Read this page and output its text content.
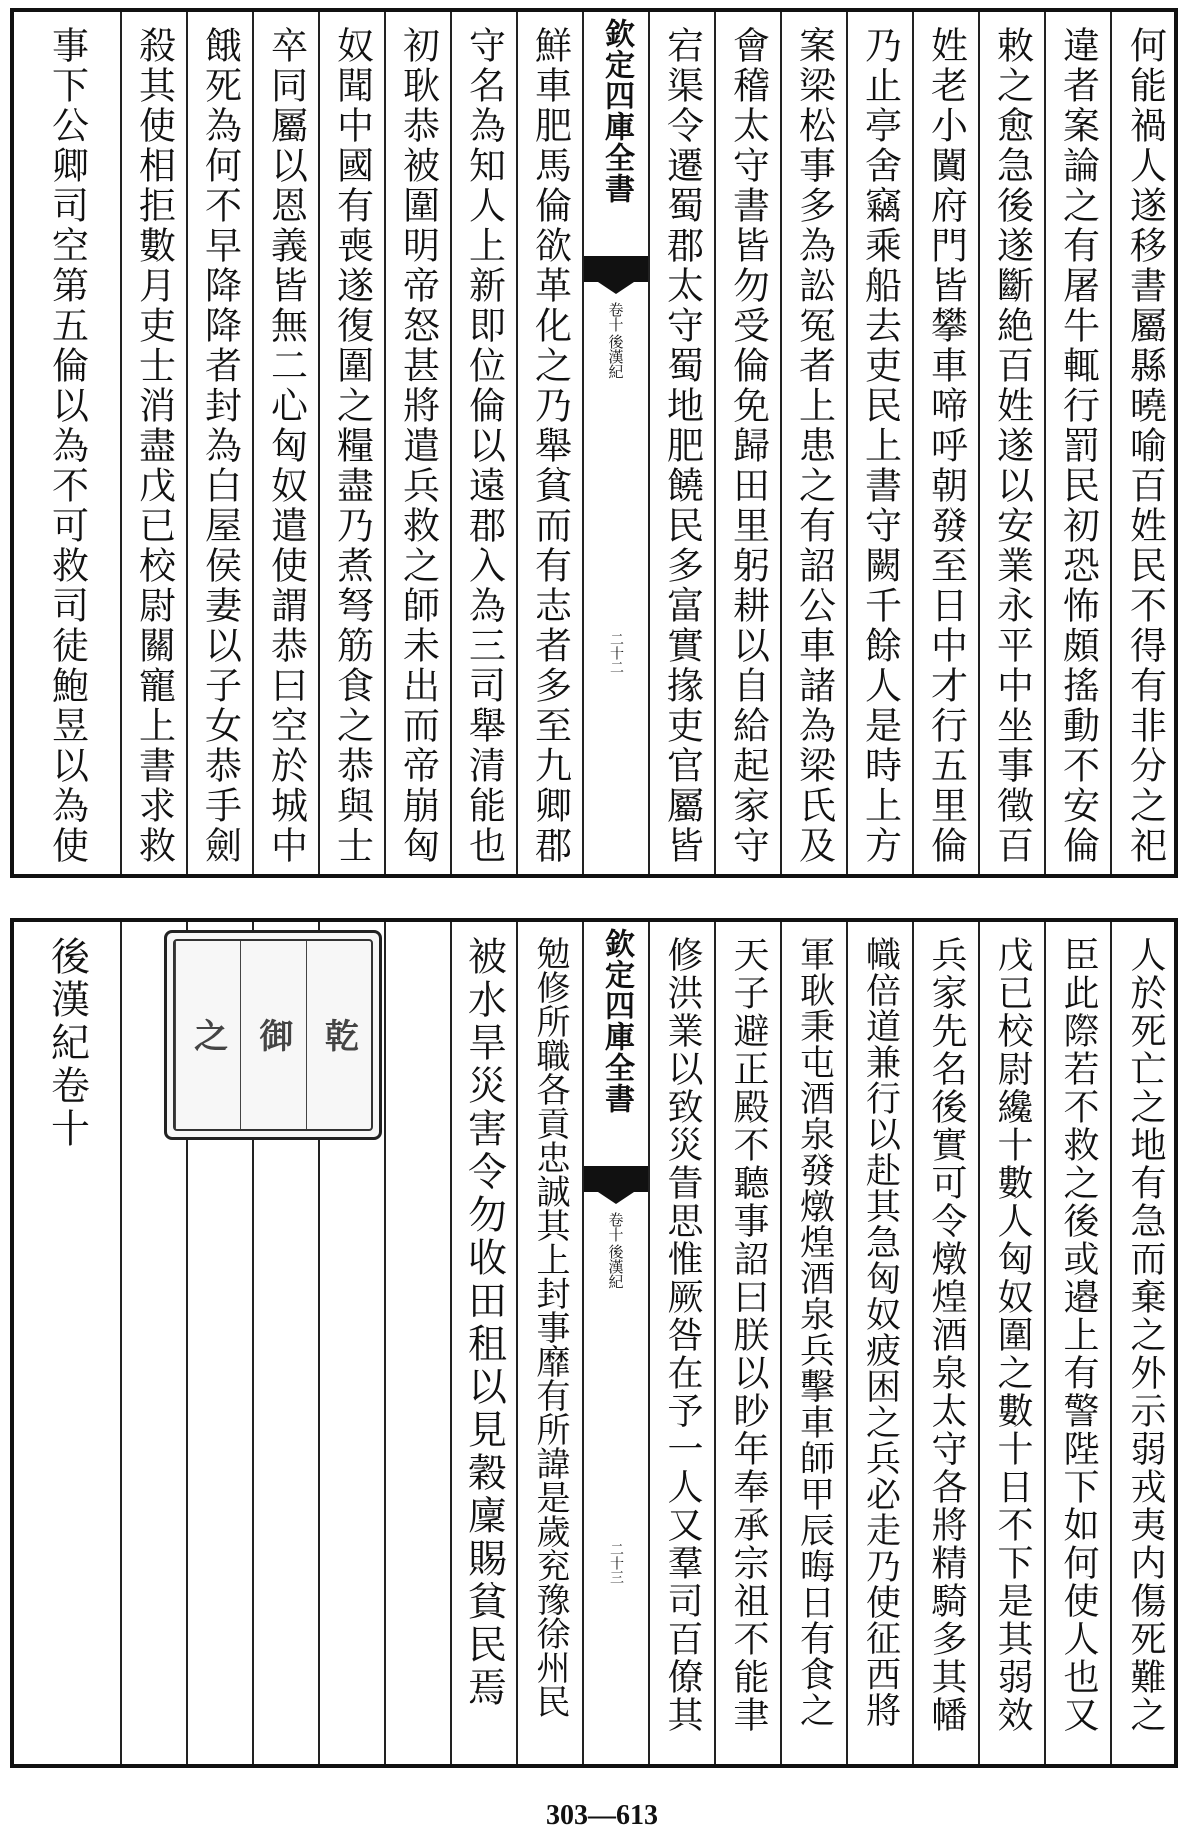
何能禍人遂移書屬縣曉喻百姓民不得有非分之祀
違者案論之有屠牛輒行罰民初恐怖頗搖動不安倫
敕之愈急後遂斷絶百姓遂以安業永平中坐事徵百
姓老小闐府門皆攀車啼呼朝發至日中才行五里倫
乃止亭舍竊乘船去吏民上書守闕千餘人是時上方
案梁松事多為訟冤者上患之有詔公車諸為梁氏及
會稽太守書皆勿受倫免歸田里躬耕以自給起家守
宕渠令遷蜀郡太守蜀地肥饒民多富實掾吏官屬皆
欽定四庫全書
後漢紀
卷十
二十二
鮮車肥馬倫欲革化之乃舉貧而有志者多至九卿郡
守名為知人上新即位倫以遠郡入為三司舉清能也
初耿恭被圍明帝怒甚將遣兵救之師未出而帝崩匈
奴聞中國有喪遂復圍之糧盡乃煮弩筋食之恭與士
卒同屬以恩義皆無二心匈奴遣使謂恭曰空於城中
餓死為何不早降降者封為白屋侯妻以子女恭手劍
殺其使相拒數月吏士消盡戊已校尉關寵上書求救
事下公卿司空第五倫以為不可救司徒鮑昱以為使
人於死亡之地有急而棄之外示弱戎夷内傷死難之
臣此際若不救之後或邉上有警陛下如何使人也又
戊已校尉纔十數人匈奴圍之數十日不下是其弱效
兵家先名後實可令燉煌酒泉太守各將精騎多其幡
幟倍道兼行以赴其急匈奴疲困之兵必走乃使征西將
軍耿秉屯酒泉發燉煌酒泉兵擊車師甲辰晦日有食之
天子避正殿不聽事詔曰朕以眇年奉承宗祖不能聿
修洪業以致災眚思惟厥咎在予一人又羣司百僚其
欽定四庫全書
後漢紀
卷十
二十三
勉修所職各貢忠誠其上封事靡有所諱是歲兖豫徐州民
被水旱災害令勿收田租以見穀廩賜貧民焉
之 御 乾
後漢紀卷十
303—613
